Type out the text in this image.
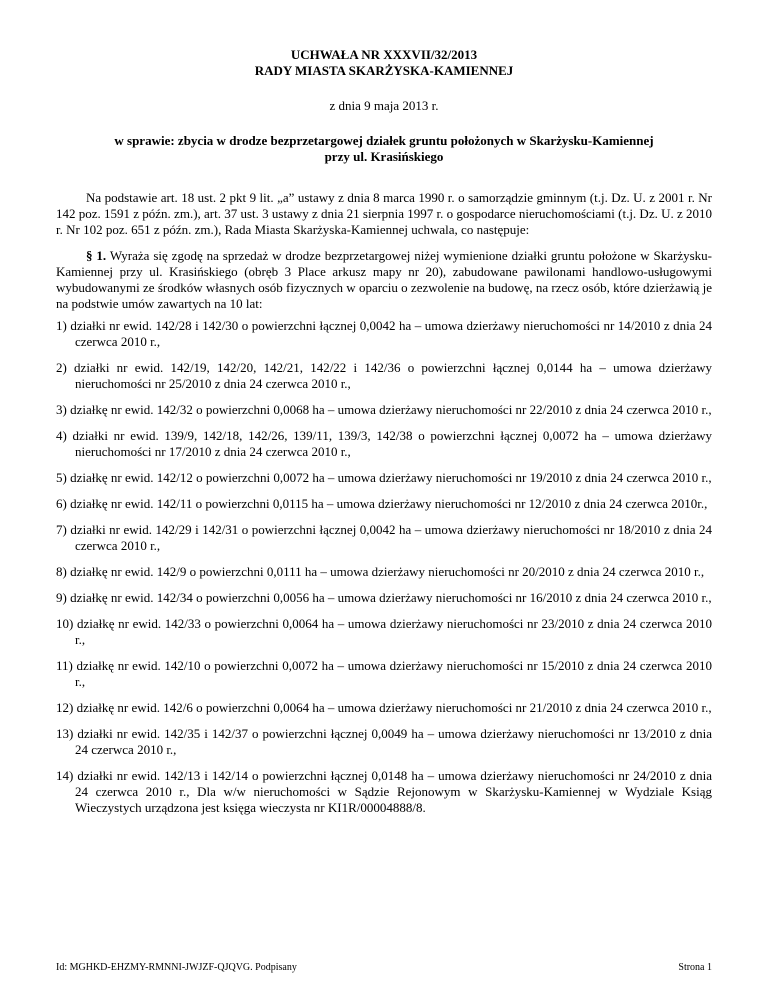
UCHWAŁA NR XXXVII/32/2013
RADY MIASTA SKARŻYSKA-KAMIENNEJ
z dnia 9 maja 2013 r.
w sprawie: zbycia w drodze bezprzetargowej działek gruntu położonych w Skarżysku-Kamiennej
przy ul. Krasińskiego
Na podstawie art. 18 ust. 2 pkt 9 lit. „a” ustawy z dnia 8 marca 1990 r. o samorządzie gminnym (t.j. Dz. U. z 2001 r. Nr 142 poz. 1591 z późn. zm.), art. 37 ust. 3 ustawy z dnia 21 sierpnia 1997 r. o gospodarce nieruchomościami (t.j. Dz. U. z 2010 r. Nr 102 poz. 651 z późn. zm.), Rada Miasta Skarżyska-Kamiennej uchwala, co następuje:
§ 1. Wyraża się zgodę na sprzedaż w drodze bezprzetargowej niżej wymienione działki gruntu położone w Skarżysku-Kamiennej przy ul. Krasińskiego (obręb 3 Place arkusz mapy nr 20), zabudowane pawilonami handlowo-usługowymi wybudowanymi ze środków własnych osób fizycznych w oparciu o zezwolenie na budowę, na rzecz osób, które dzierżawią je na podstwie umów zawartych na 10 lat:
1) działki nr ewid. 142/28 i 142/30 o powierzchni łącznej 0,0042 ha – umowa dzierżawy nieruchomości nr 14/2010 z dnia 24 czerwca 2010 r.,
2) działki nr ewid. 142/19, 142/20, 142/21, 142/22 i 142/36 o powierzchni łącznej 0,0144 ha – umowa dzierżawy nieruchomości nr 25/2010 z dnia 24 czerwca 2010 r.,
3) działkę nr ewid. 142/32 o powierzchni 0,0068 ha – umowa dzierżawy nieruchomości nr 22/2010 z dnia 24 czerwca 2010 r.,
4) działki nr ewid. 139/9, 142/18, 142/26, 139/11, 139/3, 142/38 o powierzchni łącznej 0,0072 ha – umowa dzierżawy nieruchomości nr 17/2010 z dnia 24 czerwca 2010 r.,
5) działkę nr ewid. 142/12 o powierzchni 0,0072 ha – umowa dzierżawy nieruchomości nr 19/2010 z dnia 24 czerwca 2010 r.,
6) działkę nr ewid. 142/11 o powierzchni 0,0115 ha – umowa dzierżawy nieruchomości nr 12/2010 z dnia 24 czerwca 2010r.,
7) działki nr ewid. 142/29 i 142/31 o powierzchni łącznej 0,0042 ha – umowa dzierżawy nieruchomości nr 18/2010 z dnia 24 czerwca 2010 r.,
8) działkę nr ewid. 142/9 o powierzchni 0,0111 ha – umowa dzierżawy nieruchomości nr 20/2010 z dnia 24 czerwca 2010 r.,
9) działkę nr ewid. 142/34 o powierzchni 0,0056 ha – umowa dzierżawy nieruchomości nr 16/2010 z dnia 24 czerwca 2010 r.,
10) działkę nr ewid. 142/33 o powierzchni 0,0064 ha – umowa dzierżawy nieruchomości nr 23/2010 z dnia 24 czerwca 2010 r.,
11) działkę nr ewid. 142/10 o powierzchni 0,0072 ha – umowa dzierżawy nieruchomości nr 15/2010 z dnia 24 czerwca 2010 r.,
12) działkę nr ewid. 142/6 o powierzchni 0,0064 ha – umowa dzierżawy nieruchomości nr 21/2010 z dnia 24 czerwca 2010 r.,
13) działki nr ewid. 142/35 i 142/37 o powierzchni łącznej 0,0049 ha – umowa dzierżawy nieruchomości nr 13/2010 z dnia 24 czerwca 2010 r.,
14) działki nr ewid. 142/13 i 142/14 o powierzchni łącznej 0,0148 ha – umowa dzierżawy nieruchomości nr 24/2010 z dnia 24 czerwca 2010 r., Dla w/w nieruchomości w Sądzie Rejonowym w Skarżysku-Kamiennej w Wydziale Ksiąg Wieczystych urządzona jest księga wieczysta nr KI1R/00004888/8.
Id: MGHKD-EHZMY-RMNNI-JWJZF-QJQVG. Podpisany	Strona 1
